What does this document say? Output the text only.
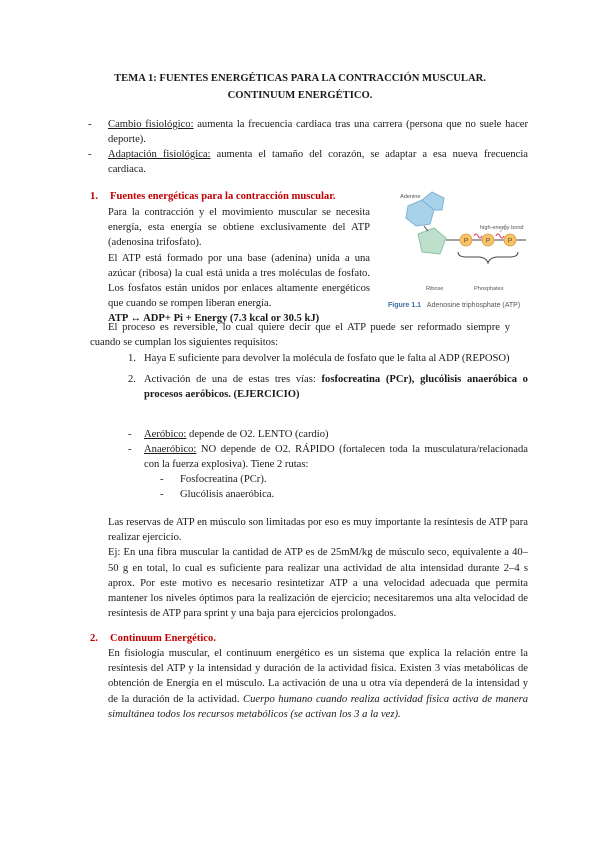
TEMA 1: FUENTES ENERGÉTICAS PARA LA CONTRACCIÓN MUSCULAR.
CONTINUUM ENERGÉTICO.
- Cambio fisiológico: aumenta la frecuencia cardiaca tras una carrera (persona que no suele hacer deporte).
- Adaptación fisiológica: aumenta el tamaño del corazón, se adaptar a esa nueva frecuencia cardiaca.
1. Fuentes energéticas para la contracción muscular.

Para la contracción y el movimiento muscular se necesita energía, esta energía se obtiene exclusivamente del ATP (adenosina trifosfato).

El ATP está formado por una base (adenina) unida a una azúcar (ribosa) la cual está unida a tres moléculas de fosfato. Los fosfatos están unidos por enlaces altamente energéticos que cuando se rompen liberan energía.

ATP ↔ ADP+ Pi + Energy (7.3 kcal or 30.5 kJ)

El proceso es reversible, lo cual quiere decir que el ATP puede ser reformado siempre y cuando se cumplan los siguientes requisitos:

P	P	P
Adenine
high-energy bond
Ribose	Phosphates
Figure 1.1 Adenosine triphosphate (ATP)
1. Haya E suficiente para devolver la molécula de fosfato que le falta al ADP (REPOSO)
2. Activación de una de estas tres vías: fosfocreatina (PCr), glucólisis anaeróbica o procesos aeróbicos. (EJERCICIO)
- Aeróbico: depende de O2. LENTO (cardio)
- Anaeróbico: NO depende de O2. RÁPIDO (fortalecen toda la musculatura/relacionada con la fuerza explosiva). Tiene 2 rutas:
- Fosfocreatina (PCr).
- Glucólisis anaeróbica.

Las reservas de ATP en músculo son limitadas por eso es muy importante la resíntesis de ATP para realizar ejercicio.

Ej: En una fibra muscular la cantidad de ATP es de 25mM/kg de músculo seco, equivalente a 40–50 g en total, lo cual es suficiente para realizar una actividad de alta intensidad durante 2–4 s aprox. Por este motivo es necesario resintetizar ATP a una velocidad adecuada que permita mantener los niveles óptimos para la realización de ejercicio; necesitaremos una alta velocidad de resíntesis de ATP para sprint y una baja para ejercicios prolongados.

2. Continuum Energético.

En fisiología muscular, el continuum energético es un sistema que explica la relación entre la resíntesis del ATP y la intensidad y duración de la actividad física. Existen 3 vías metabólicas de obtención de Energía en el músculo. La activación de una u otra vía dependerá de la intensidad y de la duración de la actividad. Cuerpo humano cuando realiza actividad física activa de manera simultánea todos los recursos metabólicos (se activan los 3 a la vez).
